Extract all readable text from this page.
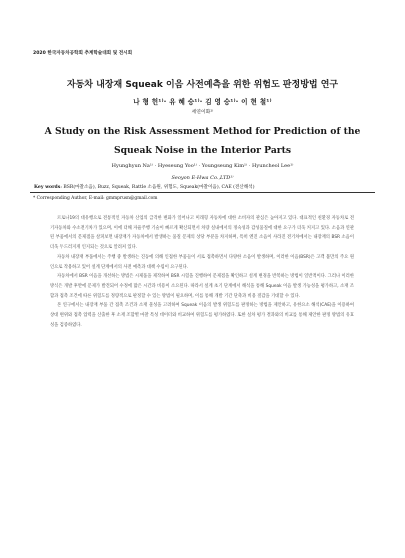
2020 한국자동차공학회 추계학술대회 및 전시회
자동차 내장재 Squeak 이음 사전예측을 위한 위험도 판정방법 연구
나 형 헌¹⁾· 유 혜 승¹⁾· 김 영 승¹⁾· 이 현 철¹⁾
세연이화¹⁾
A Study on the Risk Assessment Method for Prediction of the Squeak Noise in the Interior Parts
Hyunghyun Na¹⁾ · Hyeseung Yoo¹⁾ · Youngseung Kim¹⁾ · Hyuncheol Lee¹⁾
Seoyon E-Hwa Co.,LTD¹⁾
Key words: BSR(마찰소음), Buzz, Squeak, Rattle 소음원, 위험도, Squeak(마찰이음), CAE (전산해석)
* Corresponding Author, E-mail: gmmprusn@gmail.com

르로나19의 대유행으로 전통적인 자동차 산업의 급격한 변화가 일어나고 미래형 자동차에 대한 소비자의 관심은 높아지고 있다. 대표적인 친환경 자동차로 전기자동차와 수소전기차가 있으며, 이에 더해 자율주행 기술이 빠르게 확산되면서 차량 실내에서의 정숙성과 감성품질에 대한 요구가 더욱 커지고 있다. 소음과 연관된 부품에서의 문제점을 살펴보면 내장재가 자동차에서 발생하는 품질 문제의 상당 부분을 차지하며, 특히 엔진 소음이 사라진 전기차에서는 내장재의 BSR 소음이 더욱 두드러지게 인지되는 것으로 알려져 있다.

자동차 내장재 부품에서는 주행 중 발생하는 진동에 의해 인접한 부품들이 서로 접촉하면서 다양한 소음이 발생하며, 이러한 이음(BSR)은 고객 불만의 주요 원인으로 작용하고 있어 설계 단계에서의 사전 예측과 대책 수립이 요구된다.

자동차에서 BSR 이음을 개선하는 방법은 시제품을 제작하여 BSR 시험을 진행하여 문제점을 확인하고 설계 변경을 반복하는 방법이 일반적이다. 그러나 이러한 방식은 개발 후반에 문제가 발견되어 수정에 많은 시간과 비용이 소요된다. 따라서 설계 초기 단계에서 해석을 통해 Squeak 이음 발생 가능성을 평가하고, 소재 조합과 접촉 조건에 따른 위험도를 정량적으로 판정할 수 있는 방법이 필요하며, 이를 통해 개발 기간 단축과 비용 절감을 기대할 수 있다.

본 연구에서는 내장재 부품 간 접촉 조건과 소재 물성을 고려하여 Squeak 이음의 발생 위험도를 판정하는 방법을 제안하고, 유한요소 해석(CAE)을 이용하여 상대 변위와 접촉 압력을 산출한 후 소재 조합별 마찰 특성 데이터와 비교하여 위험도를 평가하였다. 또한 실차 평가 결과와의 비교를 통해 제안한 판정 방법의 유효성을 검증하였다.
